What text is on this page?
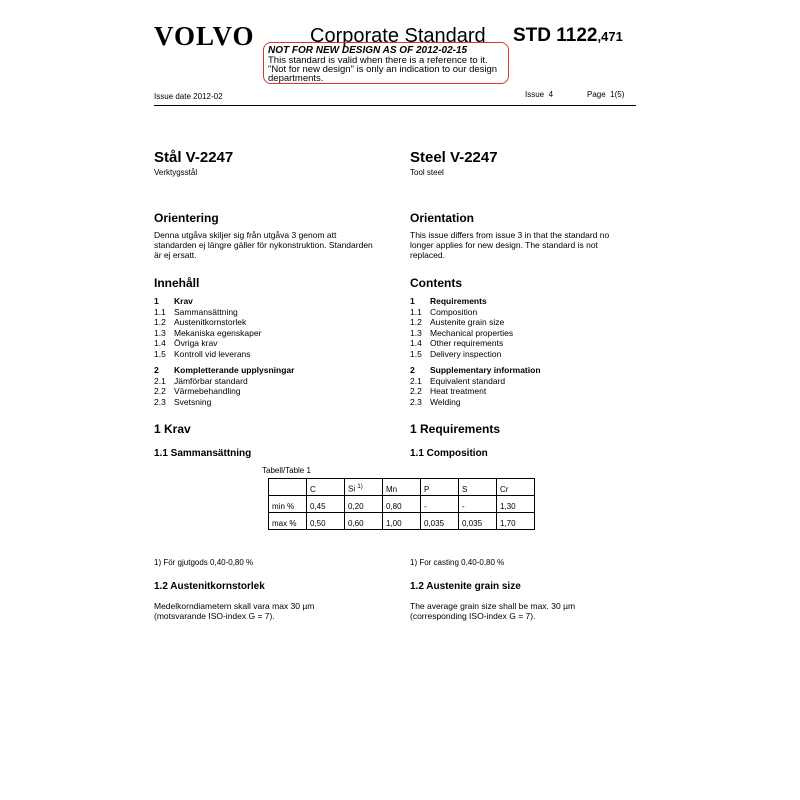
VOLVO	Corporate Standard STD 1122,471
NOT FOR NEW DESIGN AS OF 2012-02-15
This standard is valid when there is a reference to it. "Not for new design" is only an indication to our design departments.
Issue date 2012-02	Issue 4	Page 1(5)
Stål V-2247
Verktygsstål
Orientering
Denna utgåva skiljer sig från utgåva 3 genom att standarden ej längre gäller för nykonstruktion. Standarden är ej ersatt.
Innehåll
1	Krav
1.1 Sammansättning
1.2 Austenitkornstorlek
1.3 Mekaniska egenskaper
1.4 Övriga krav
1.5 Kontroll vid leverans
2	Kompletterande upplysningar
2.1 Jämförbar standard
2.2 Värmebehandling
2.3 Svetsning
1 Krav
1.1 Sammansättning
1) För gjutgods 0,40-0,80 %
1.2 Austenitkornstorlek
Medelkorndiametern skall vara max 30 µm (motsvarande ISO-index G = 7).
Steel V-2247
Tool steel
Orientation
This issue differs from issue 3 in that the standard no longer applies for new design. The standard is not replaced.
Contents
1	Requirements
1.1 Composition
1.2 Austenite grain size
1.3 Mechanical properties
1.4 Other requirements
1.5 Delivery inspection
2	Supplementary information
2.1 Equivalent standard
2.2 Heat treatment
2.3 Welding
1 Requirements
1.1 Composition
1) For casting 0,40-0,80 %
1.2 Austenite grain size
The average grain size shall be max. 30 µm (corresponding ISO-index G = 7).
Tabell/Table 1
	C	Si $^{1)}$	Mn	P	S	Cr
min %	0,45	0,20	0,80	-	-	1,30
max %	0,50	0,60	1,00	0,035	0,035	1,70
